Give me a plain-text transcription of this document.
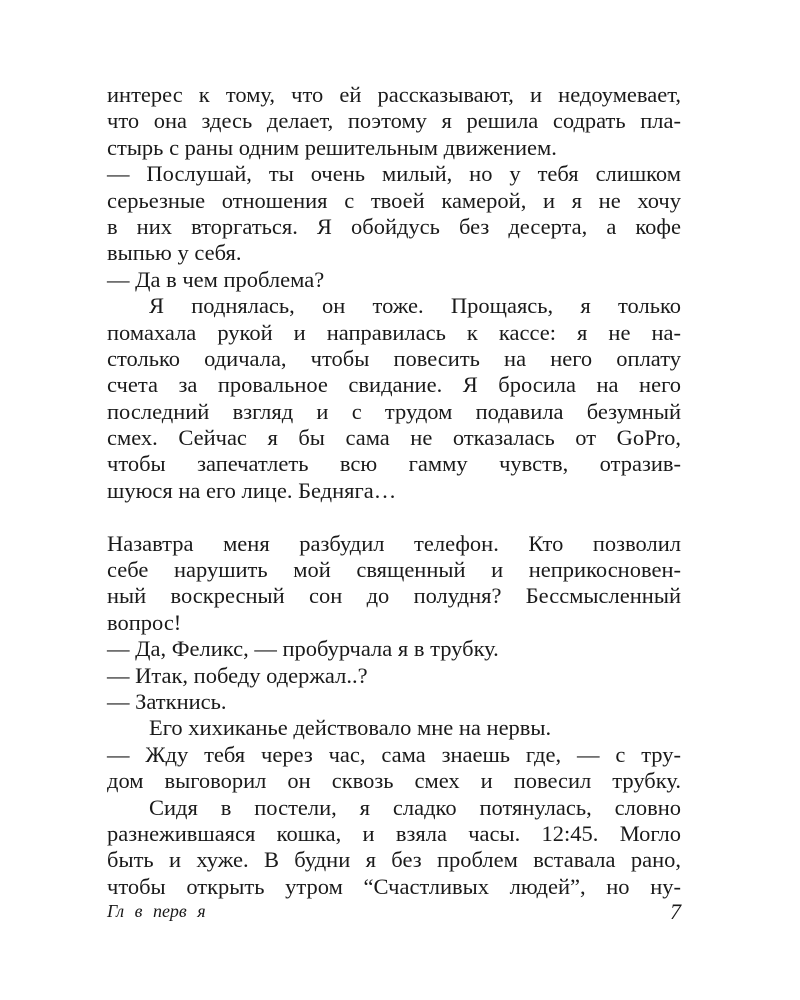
интерес к тому, что ей рассказывают, и недоумевает,
что она здесь делает, поэтому я решила содрать пла-
стырь с раны одним решительным движением.
— Послушай, ты очень милый, но у тебя слишком
серьезные отношения с твоей камерой, и я не хочу
в них вторгаться. Я обойдусь без десерта, а кофе
выпью у себя.
— Да в чем проблема?
Я поднялась, он тоже. Прощаясь, я только
помахала рукой и направилась к кассе: я не на-
столько одичала, чтобы повесить на него оплату
счета за провальное свидание. Я бросила на него
последний взгляд и с трудом подавила безумный
смех. Сейчас я бы сама не отказалась от GoPro,
чтобы запечатлеть всю гамму чувств, отразив-
шуюся на его лице. Бедняга…
Назавтра меня разбудил телефон. Кто позволил
себе нарушить мой священный и неприкосновен-
ный воскресный сон до полудня? Бессмысленный
вопрос!
— Да, Феликс, — пробурчала я в трубку.
— Итак, победу одержал..?
— Заткнись.
Его хихиканье действовало мне на нервы.
— Жду тебя через час, сама знаешь где, — с тру-
дом выговорил он сквозь смех и повесил трубку.
Сидя в постели, я сладко потянулась, словно
разнежившаяся кошка, и взяла часы. 12:45. Могло
быть и хуже. В будни я без проблем вставала рано,
чтобы открыть утром “Счастливых людей”, но ну-
Гл в перв я	7
